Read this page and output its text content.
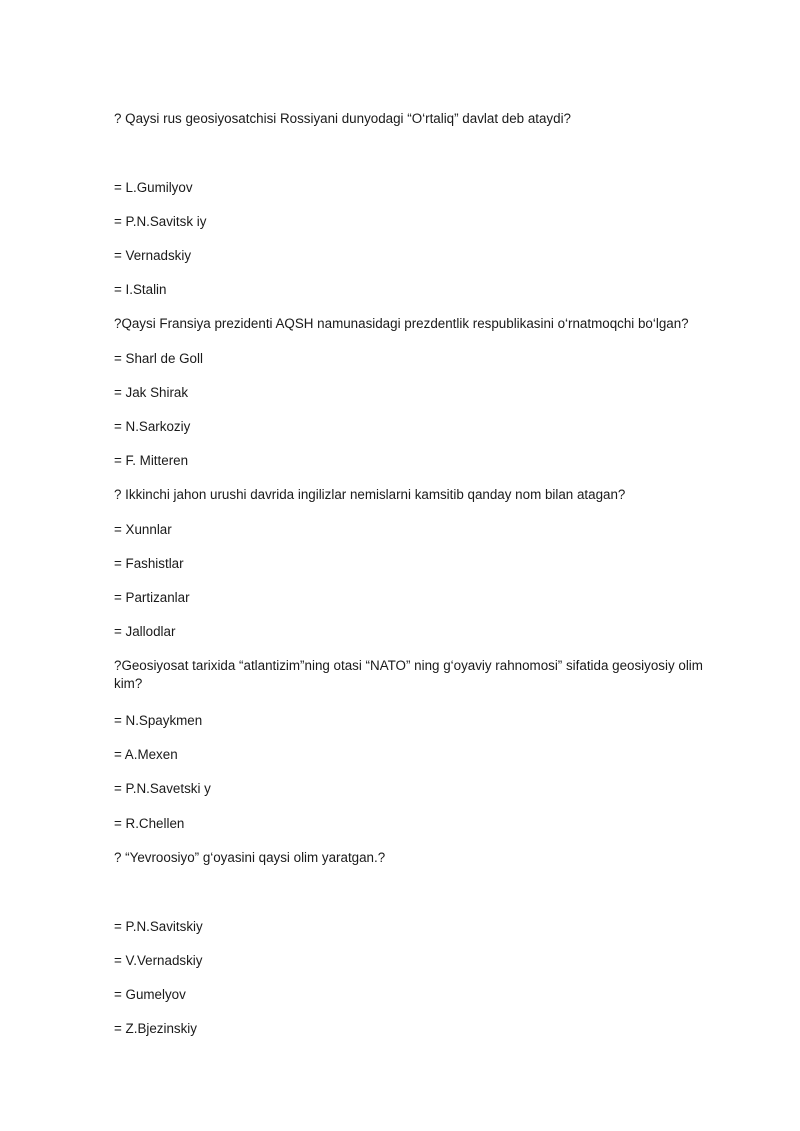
? Qaysi rus geosiyosatchisi Rossiyani dunyodagi “O‘rtaliq” davlat deb ataydi?
= L.Gumilyov
= P.N.Savitsk iy
= Vernadskiy
= I.Stalin
?Qaysi Fransiya prezidenti AQSH namunasidagi prezdentlik respublikasini o‘rnatmoqchi bo‘lgan?
= Sharl de Goll
= Jak Shirak
= N.Sarkoziy
= F. Mitteren
? Ikkinchi jahon urushi davrida ingilizlar nemislarni kamsitib qanday nom bilan atagan?
= Xunnlar
= Fashistlar
= Partizanlar
= Jallodlar
?Geosiyosat tarixida “atlantizim”ning otasi “NATO” ning g‘oyaviy rahnomosi” sifatida geosiyosiy olim kim?
= N.Spaykmen
= A.Mexen
= P.N.Savetski y
= R.Chellen
? “Yevroosiyo” g‘oyasini qaysi olim yaratgan.?
= P.N.Savitskiy
= V.Vernadskiy
= Gumelyov
= Z.Bjezinskiy
